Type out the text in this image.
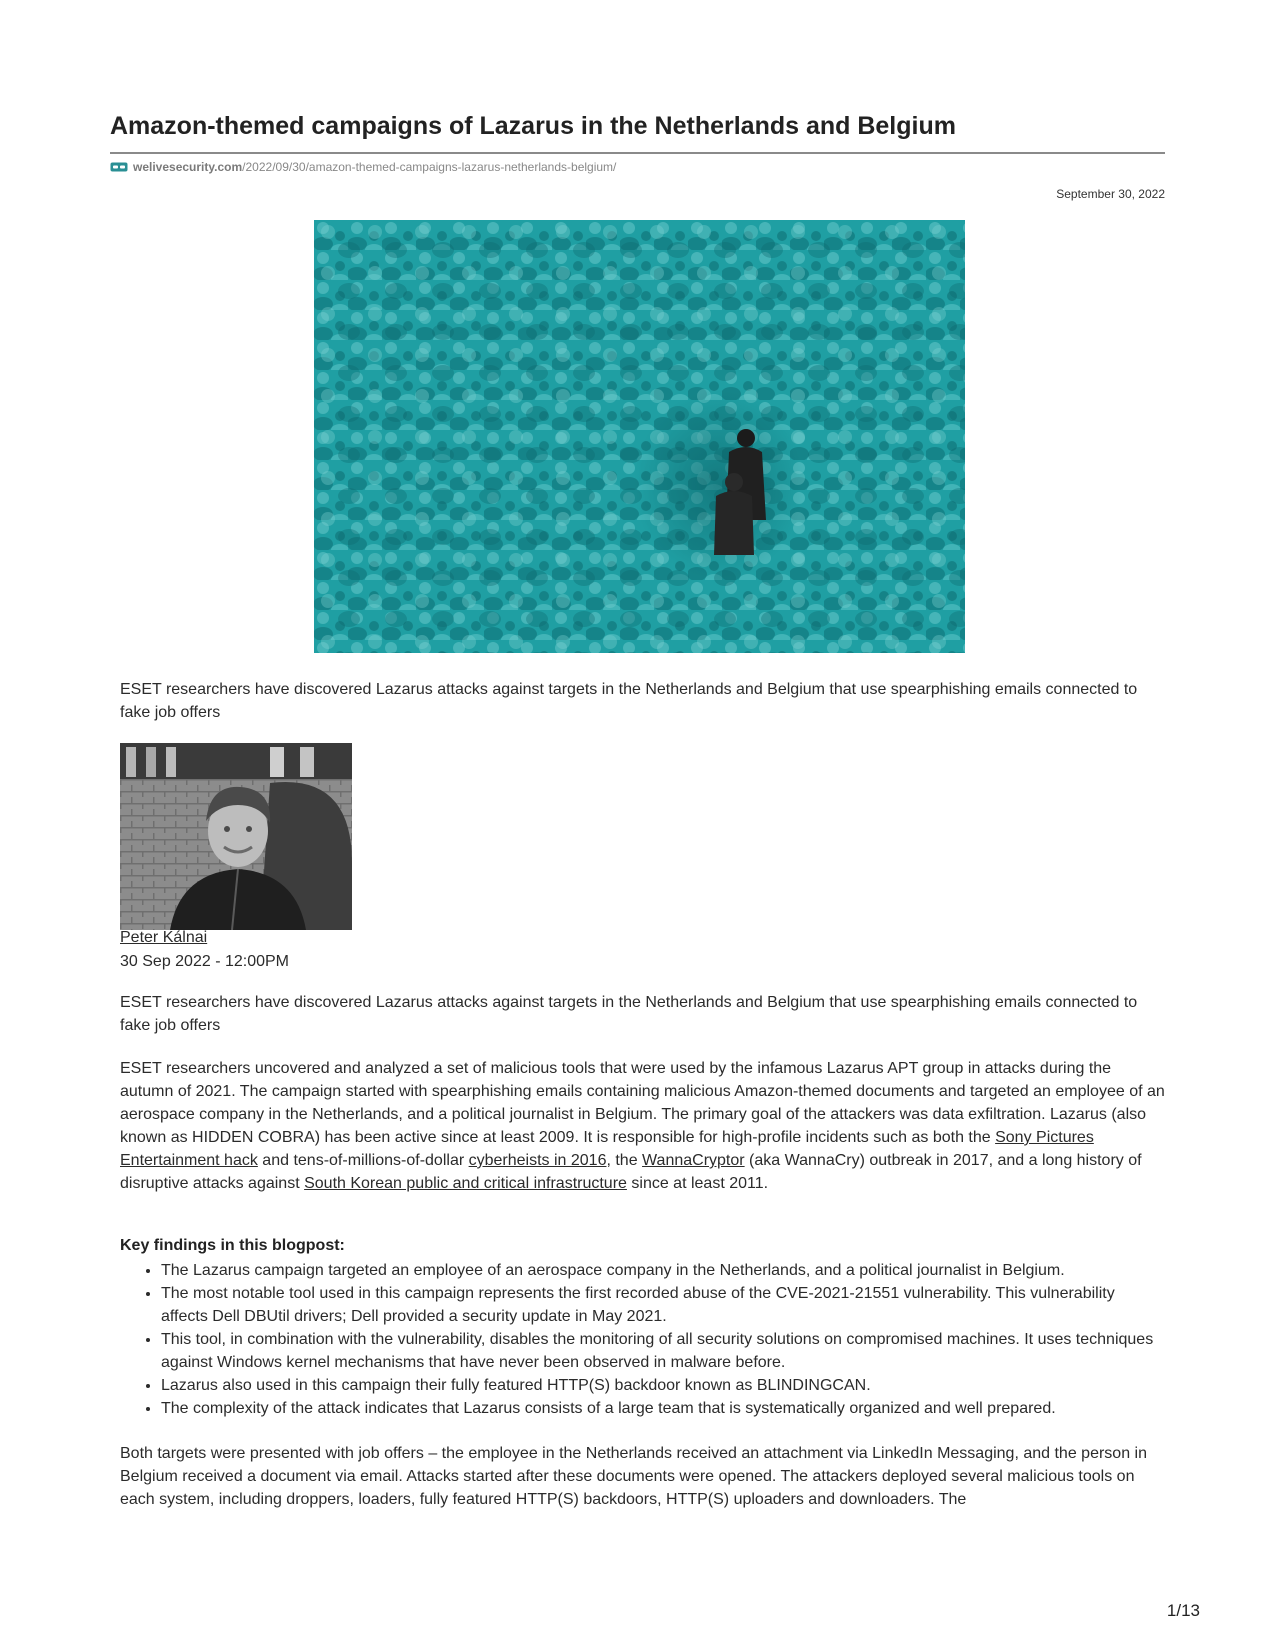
Amazon-themed campaigns of Lazarus in the Netherlands and Belgium
welivesecurity.com/2022/09/30/amazon-themed-campaigns-lazarus-netherlands-belgium/
September 30, 2022

ESET researchers have discovered Lazarus attacks against targets in the Netherlands and Belgium that use spearphishing emails connected to fake job offers

Peter Kálnai
30 Sep 2022 - 12:00PM

ESET researchers have discovered Lazarus attacks against targets in the Netherlands and Belgium that use spearphishing emails connected to fake job offers

ESET researchers uncovered and analyzed a set of malicious tools that were used by the infamous Lazarus APT group in attacks during the autumn of 2021. The campaign started with spearphishing emails containing malicious Amazon-themed documents and targeted an employee of an aerospace company in the Netherlands, and a political journalist in Belgium. The primary goal of the attackers was data exfiltration. Lazarus (also known as HIDDEN COBRA) has been active since at least 2009. It is responsible for high-profile incidents such as both the Sony Pictures Entertainment hack and tens-of-millions-of-dollar cyberheists in 2016, the WannaCryptor (aka WannaCry) outbreak in 2017, and a long history of disruptive attacks against South Korean public and critical infrastructure since at least 2011.

Key findings in this blogpost:

• The Lazarus campaign targeted an employee of an aerospace company in the Netherlands, and a political journalist in Belgium.
• The most notable tool used in this campaign represents the first recorded abuse of the CVE-2021-21551 vulnerability. This vulnerability affects Dell DBUtil drivers; Dell provided a security update in May 2021.
• This tool, in combination with the vulnerability, disables the monitoring of all security solutions on compromised machines. It uses techniques against Windows kernel mechanisms that have never been observed in malware before.
• Lazarus also used in this campaign their fully featured HTTP(S) backdoor known as BLINDINGCAN.
• The complexity of the attack indicates that Lazarus consists of a large team that is systematically organized and well prepared.

Both targets were presented with job offers – the employee in the Netherlands received an attachment via LinkedIn Messaging, and the person in Belgium received a document via email. Attacks started after these documents were opened. The attackers deployed several malicious tools on each system, including droppers, loaders, fully featured HTTP(S) backdoors, HTTP(S) uploaders and downloaders. The

1/13
